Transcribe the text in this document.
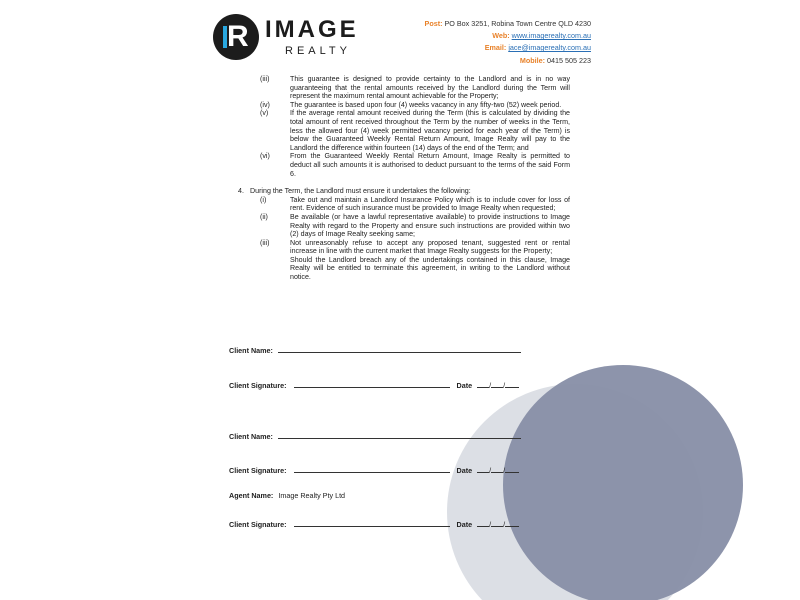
R IMAGE
REALTY
Post: PO Box 3251, Robina Town Centre QLD 4230
Web: www.imagerealty.com.au
Email: jace@imagerealty.com.au
Mobile: 0415 505 223
(iii)	This guarantee is designed to provide certainty to the Landlord and is in no way guaranteeing that the rental amounts received by the Landlord during the Term will represent the maximum rental amount achievable for the Property;
(iv)	The guarantee is based upon four (4) weeks vacancy in any fifty-two (52) week period.
(v)	If the average rental amount received during the Term (this is calculated by dividing the total amount of rent received throughout the Term by the number of weeks in the Term, less the allowed four (4) week permitted vacancy period for each year of the Term) is below the Guaranteed Weekly Rental Return Amount, Image Realty will pay to the Landlord the difference within fourteen (14) days of the end of the Term; and
(vi)	From the Guaranteed Weekly Rental Return Amount, Image Realty is permitted to deduct all such amounts it is authorised to deduct pursuant to the terms of the said Form 6.
4. During the Term, the Landlord must ensure it undertakes the following:
(i)	Take out and maintain a Landlord Insurance Policy which is to include cover for loss of rent. Evidence of such insurance must be provided to Image Realty when requested;
(ii)	Be available (or have a lawful representative available) to provide instructions to Image Realty with regard to the Property and ensure such instructions are provided within two (2) days of Image Realty seeking same;
(iii)	Not unreasonably refuse to accept any proposed tenant, suggested rent or rental increase in line with the current market that Image Realty suggests for the Property;
Should the Landlord breach any of the undertakings contained in this clause, Image Realty will be entitled to terminate this agreement, in writing to the Landlord without notice.
Client Name:
Client Signature:	Date / /
Client Name:
Client Signature:	Date / /
Agent Name: Image Realty Pty Ltd
Client Signature:	Date / /
